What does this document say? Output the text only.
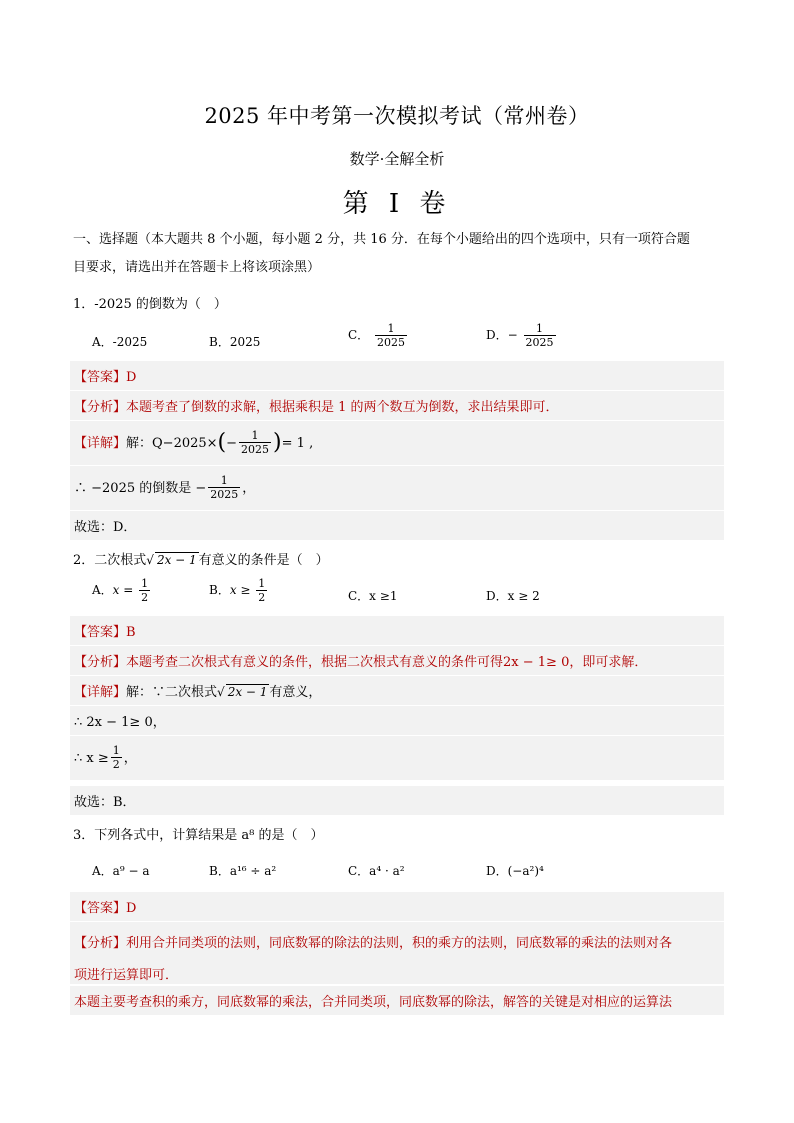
2025 年中考第一次模拟考试（常州卷）
数学·全解全析
第 I 卷
一、选择题（本大题共 8 个小题，每小题 2 分，共 16 分．在每个小题给出的四个选项中，只有一项符合题
目要求，请选出并在答题卡上将该项涂黑）
1．-2025 的倒数为（　）
A．-2025	B．2025	C． $\frac{1}{2025}$	D．− $\frac{1}{2025}$
【答案】D
【分析】本题考查了倒数的求解，根据乘积是 1 的两个数互为倒数，求出结果即可．
【详解】解：$Q-2025\times(- \frac{1}{2025}$ )= 1 ,
∴ −2025 的倒数是 − $\frac{1}{2025}$ ，
故选：D．
2．二次根式√ 2x − 1 有意义的条件是（　）
A．$x = \frac{1}{2}$	B．$x \ge \frac{1}{2}$	C．x ≥1	D．x ≥ 2
【答案】B
【分析】本题考查二次根式有意义的条件，根据二次根式有意义的条件可得2x − 1≥ 0，即可求解．
【详解】解：∵二次根式√ 2x − 1 有意义，
∴ 2x − 1≥ 0，
∴ $x \ge \frac{1}{2}$ ，
故选：B．
3．下列各式中，计算结果是 a⁸ 的是（　）
A．a⁹ − a	B．a¹⁶ ÷ a²	C．a⁴ · a²	D．(−a²)⁴
【答案】D
【分析】利用合并同类项的法则，同底数幂的除法的法则，积的乘方的法则，同底数幂的乘法的法则对各
项进行运算即可．
本题主要考查积的乘方，同底数幂的乘法，合并同类项，同底数幂的除法，解答的关键是对相应的运算法
